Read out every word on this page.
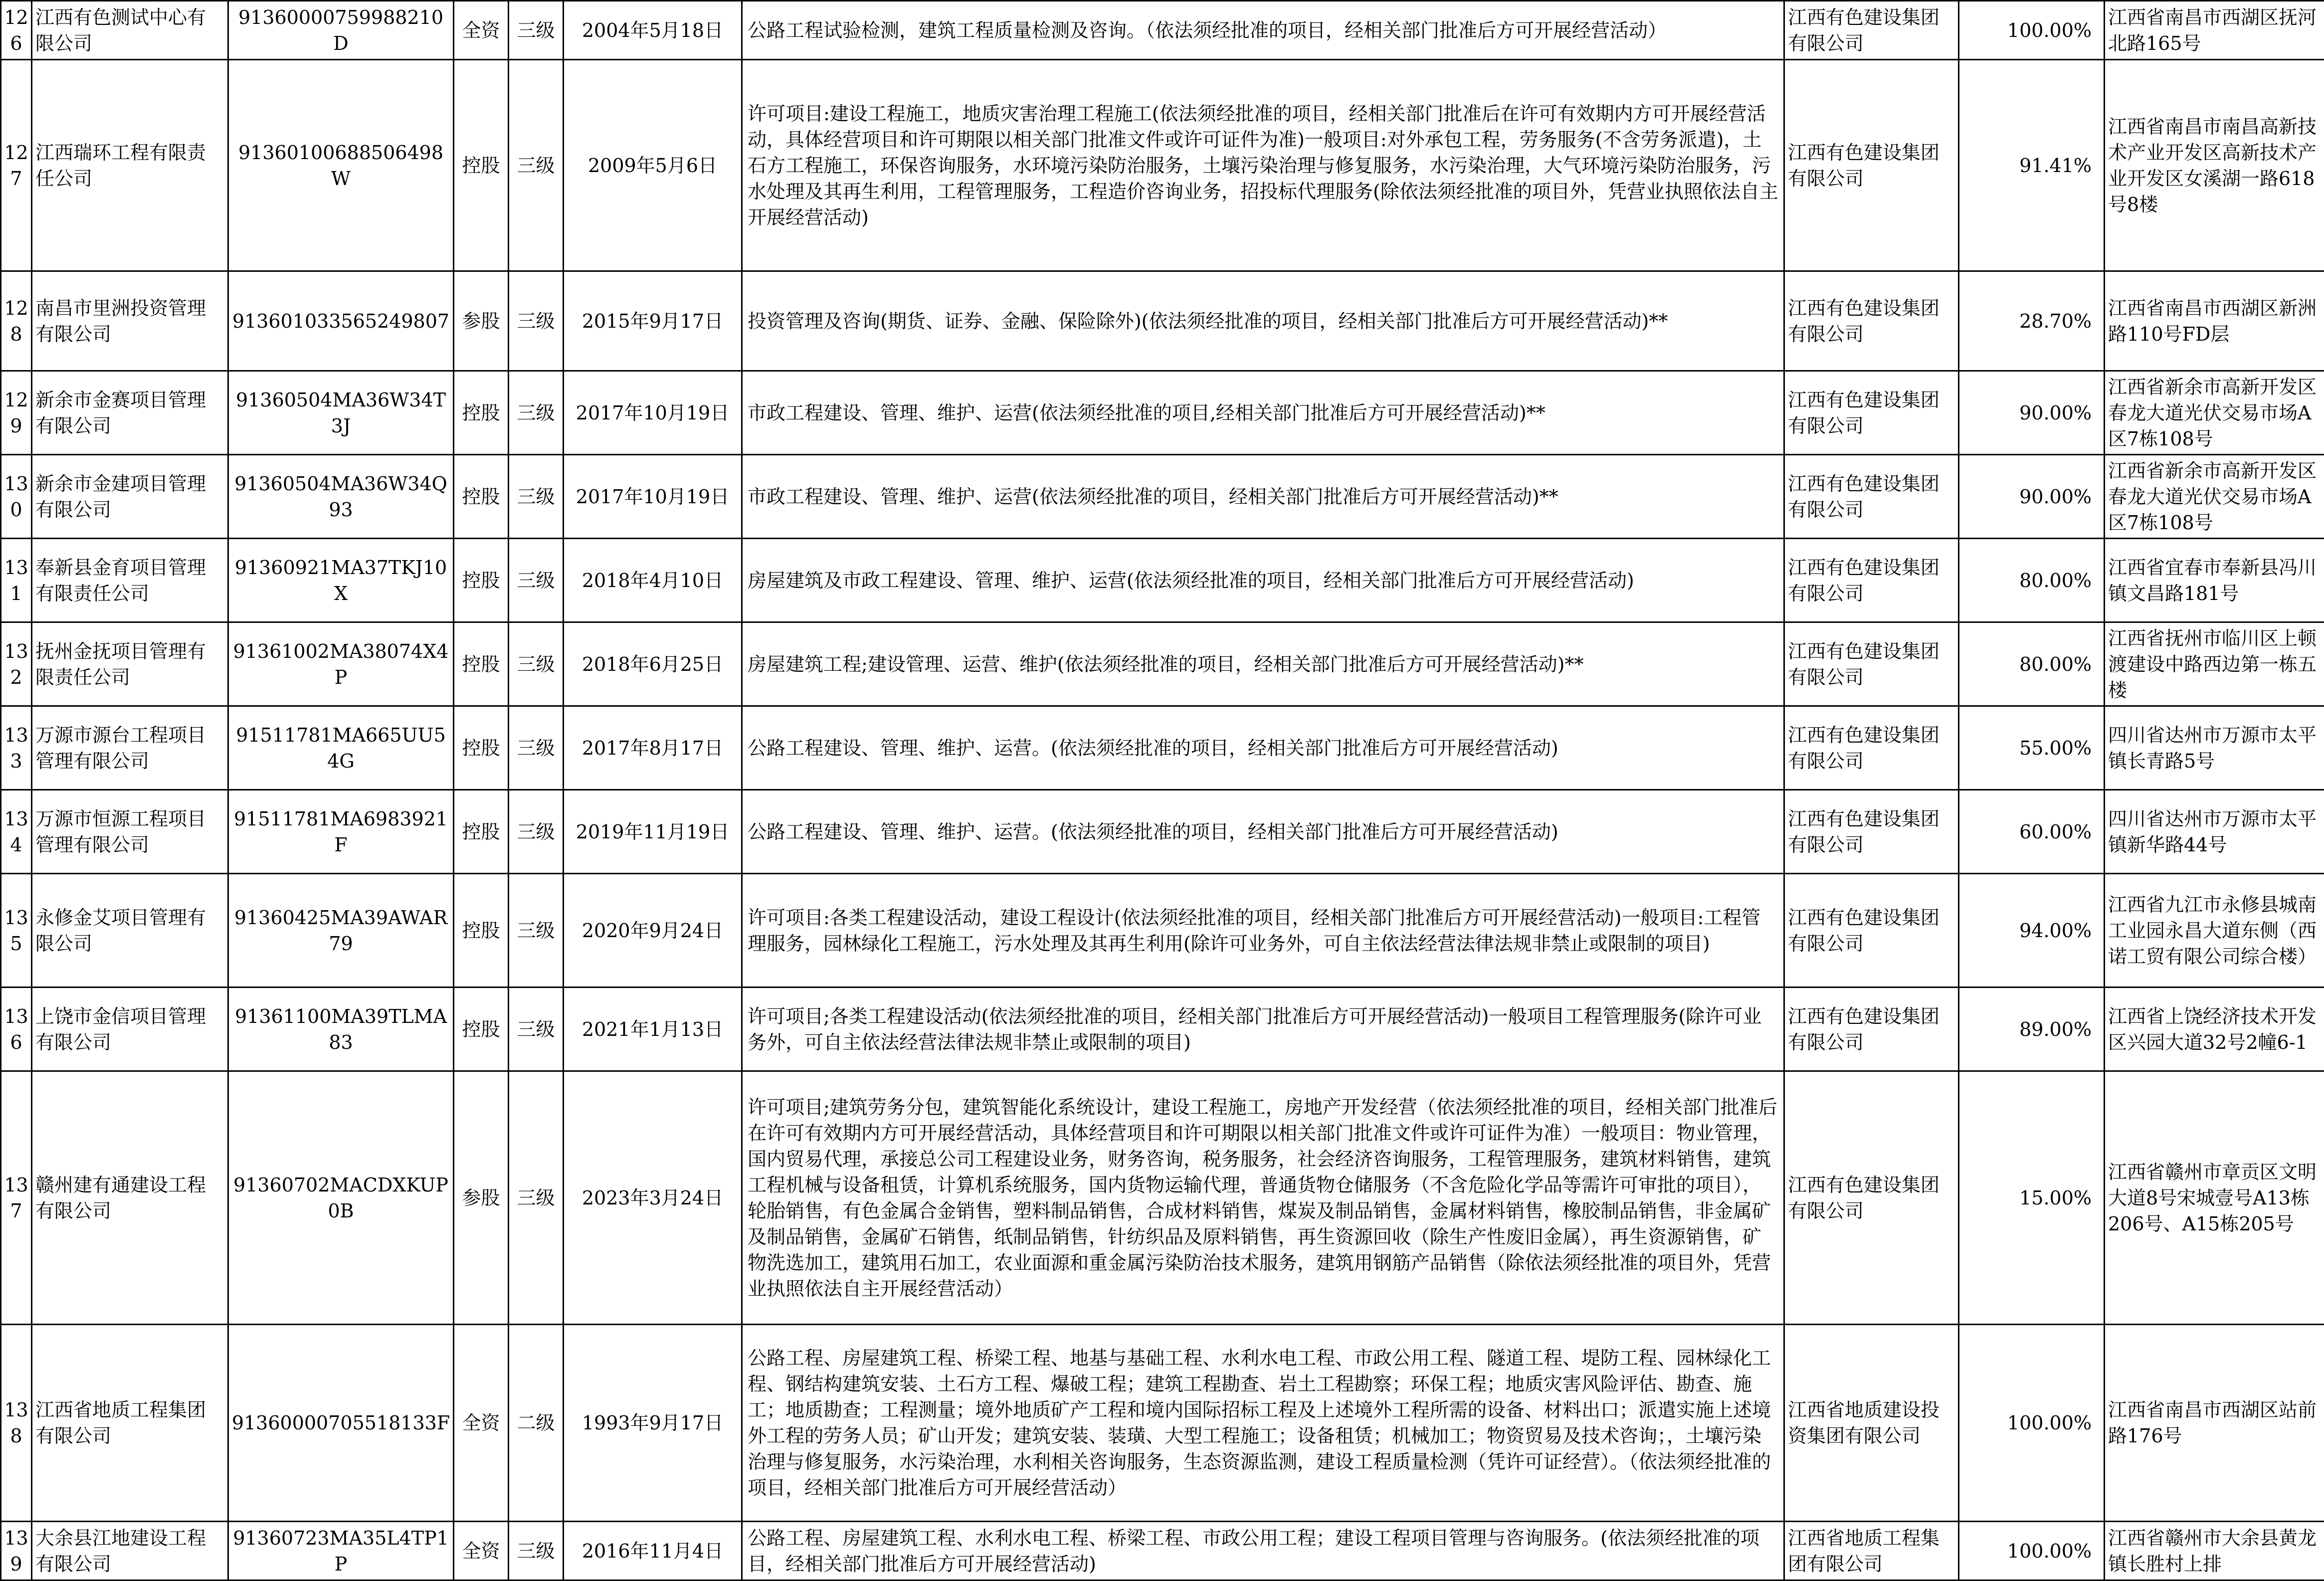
126	江西有色测试中心有限公司	91360000759988210D	全资	三级	2004年5月18日	公路工程试验检测，建筑工程质量检测及咨询。（依法须经批准的项目，经相关部门批准后方可开展经营活动）	江西有色建设集团有限公司	100.00%	江西省南昌市西湖区抚河北路165号
127	江西瑞环工程有限责任公司	91360100688506498W	控股	三级	2009年5月6日	许可项目:建设工程施工，地质灾害治理工程施工(依法须经批准的项目，经相关部门批准后在许可有效期内方可开展经营活动，具体经营项目和许可期限以相关部门批准文件或许可证件为准)一般项目:对外承包工程，劳务服务(不含劳务派遣)，土石方工程施工，环保咨询服务，水环境污染防治服务，土壤污染治理与修复服务，水污染治理，大气环境污染防治服务，污水处理及其再生利用，工程管理服务，工程造价咨询业务，招投标代理服务(除依法须经批准的项目外，凭营业执照依法自主开展经营活动)	江西有色建设集团有限公司	91.41%	江西省南昌市南昌高新技术产业开发区高新技术产业开发区女溪湖一路618号8楼
128	南昌市里洲投资管理有限公司	91360103356524980​7	参股	三级	2015年9月17日	投资管理及咨询(期货、证券、金融、保险除外)(依法须经批准的项目，经相关部门批准后方可开展经营活动)**	江西有色建设集团有限公司	28.70%	江西省南昌市西湖区新洲路110号FD层
129	新余市金赛项目管理有限公司	91360504MA36W34T3J	控股	三级	2017年10月19日	市政工程建设、管理、维护、运营(依法须经批准的项目,经相关部门批准后方可开展经营活动)**	江西有色建设集团有限公司	90.00%	江西省新余市高新开发区春龙大道光伏交易市场A区7栋108号
130	新余市金建项目管理有限公司	91360504MA36W34Q93	控股	三级	2017年10月19日	市政工程建设、管理、维护、运营(依法须经批准的项目，经相关部门批准后方可开展经营活动)**	江西有色建设集团有限公司	90.00%	江西省新余市高新开发区春龙大道光伏交易市场A区7栋108号
131	奉新县金育项目管理有限责任公司	91360921MA37TKJ10X	控股	三级	2018年4月10日	房屋建筑及市政工程建设、管理、维护、运营(依法须经批准的项目，经相关部门批准后方可开展经营活动)	江西有色建设集团有限公司	80.00%	江西省宜春市奉新县冯川镇文昌路181号
132	抚州金抚项目管理有限责任公司	91361002MA38074X4P	控股	三级	2018年6月25日	房屋建筑工程;建设管理、运营、维护(依法须经批准的项目，经相关部门批准后方可开展经营活动)**	江西有色建设集团有限公司	80.00%	江西省抚州市临川区上顿渡建设中路西边第一栋五楼
133	万源市源台工程项目管理有限公司	91511781MA665UU54G	控股	三级	2017年8月17日	公路工程建设、管理、维护、运营。(依法须经批准的项目，经相关部门批准后方可开展经营活动)	江西有色建设集团有限公司	55.00%	四川省达州市万源市太平镇长青路5号
134	万源市恒源工程项目管理有限公司	91511781MA6983921F	控股	三级	2019年11月19日	公路工程建设、管理、维护、运营。(依法须经批准的项目，经相关部门批准后方可开展经营活动)	江西有色建设集团有限公司	60.00%	四川省达州市万源市太平镇新华路44号
135	永修金艾项目管理有限公司	91360425MA39AWAR79	控股	三级	2020年9月24日	许可项目:各类工程建设活动，建设工程设计(依法须经批准的项目，经相关部门批准后方可开展经营活动)一般项目:工程管理服务，园林绿化工程施工，污水处理及其再生利用(除许可业务外，可自主依法经营法律法规非禁止或限制的项目)	江西有色建设集团有限公司	94.00%	江西省九江市永修县城南工业园永昌大道东侧（西诺工贸有限公司综合楼）
136	上饶市金信项目管理有限公司	91361100MA39TLMA83	控股	三级	2021年1月13日	许可项目;各类工程建设活动(依法须经批准的项目，经相关部门批准后方可开展经营活动)一般项目工程管理服务(除许可业务外，可自主依法经营法律法规非禁止或限制的项目)	江西有色建设集团有限公司	89.00%	江西省上饶经济技术开发区兴园大道32号2幢6-1
137	赣州建有通建设工程有限公司	91360702MACDXKUP0B	参股	三级	2023年3月24日	许可项目;建筑劳务分包，建筑智能化系统设计，建设工程施工，房地产开发经营（依法须经批准的项目，经相关部门批准后在许可有效期内方可开展经营活动，具体经营项目和许可期限以相关部门批准文件或许可证件为准）一般项目：物业管理，国内贸易代理，承接总公司工程建设业务，财务咨询，税务服务，社会经济咨询服务，工程管理服务，建筑材料销售，建筑工程机械与设备租赁，计算机系统服务，国内货物运输代理，普通货物仓储服务（不含危险化学品等需许可审批的项目），轮胎销售，有色金属合金销售，塑料制品销售，合成材料销售，煤炭及制品销售，金属材料销售，橡胶制品销售，非金属矿及制品销售，金属矿石销售，纸制品销售，针纺织品及原料销售，再生资源回收（除生产性废旧金属），再生资源销售，矿物洗选加工，建筑用石加工，农业面源和重金属污染防治技术服务，建筑用钢筋产品销售（除依法须经批准的项目外，凭营业执照依法自主开展经营活动）	江西有色建设集团有限公司	15.00%	江西省赣州市章贡区文明大道8号宋城壹号A13栋206号、A15栋205号
138	江西省地质工程集团有限公司	91360000705518133F	全资	二级	1993年9月17日	公路工程、房屋建筑工程、桥梁工程、地基与基础工程、水利水电工程、市政公用工程、隧道工程、堤防工程、园林绿化工程、钢结构建筑安装、土石方工程、爆破工程；建筑工程勘查、岩土工程勘察；环保工程；地质灾害风险评估、勘查、施工；地质勘查；工程测量；境外地质矿产工程和境内国际招标工程及上述境外工程所需的设备、材料出口；派遣实施上述境外工程的劳务人员；矿山开发；建筑安装、装璜、大型工程施工；设备租赁；机械加工；物资贸易及技术咨询；，土壤污染治理与修复服务，水污染治理，水利相关咨询服务，生态资源监测，建设工程质量检测（凭许可证经营）。（依法须经批准的项目，经相关部门批准后方可开展经营活动）	江西省地质建设投资集团有限公司	100.00%	江西省南昌市西湖区站前路176号
139	大余县江地建设工程有限公司	91360723MA35L4TP1P	全资	三级	2016年11月4日	公路工程、房屋建筑工程、水利水电工程、桥梁工程、市政公用工程；建设工程项目管理与咨询服务。(依法须经批准的项目，经相关部门批准后方可开展经营活动)	江西省地质工程集团有限公司	100.00%	江西省赣州市大余县黄龙镇长胜村上排
